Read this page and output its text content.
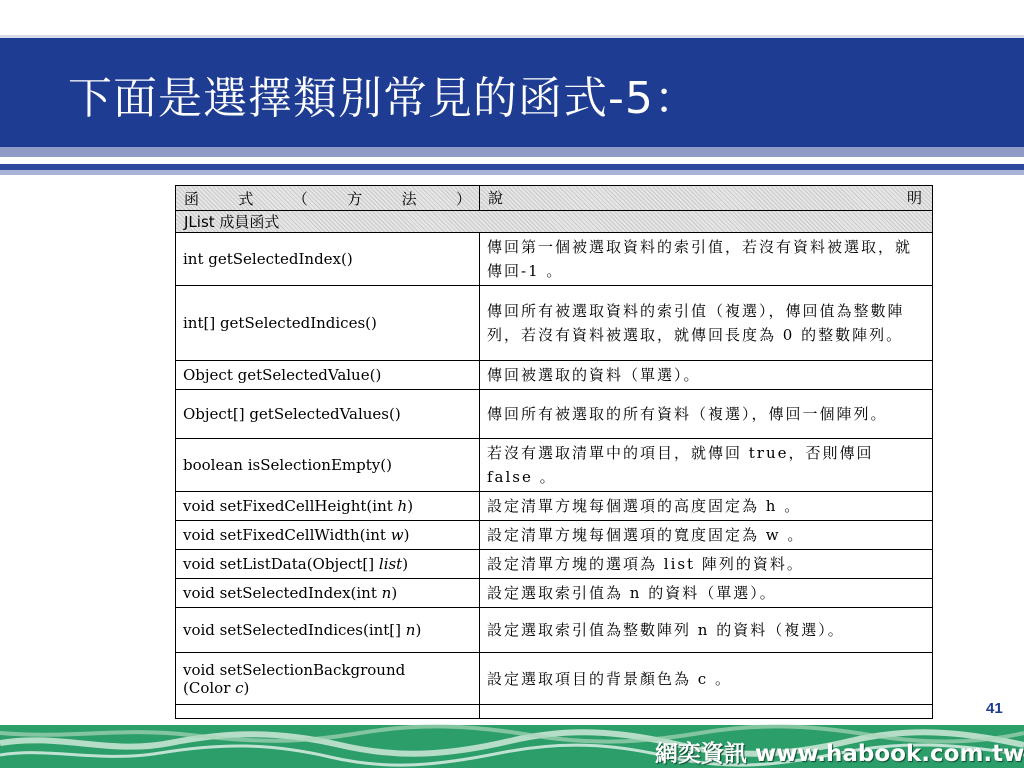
下面是選擇類別常見的函式-5：
函 式 （ 方 法 ）	說 明

JList 成員函式	
int getSelectedIndex()	傳回第一個被選取資料的索引值，若沒有資料被選取，就傳回-1 。
int[] getSelectedIndices()	傳回所有被選取資料的索引值（複選），傳回值為整數陣列，若沒有資料被選取，就傳回長度為 0 的整數陣列。
Object getSelectedValue()	傳回被選取的資料（單選）。
Object[] getSelectedValues()	傳回所有被選取的所有資料（複選），傳回一個陣列。
boolean isSelectionEmpty()	若沒有選取清單中的項目，就傳回 true，否則傳回 false 。
void setFixedCellHeight(int h)	設定清單方塊每個選項的高度固定為 h 。
void setFixedCellWidth(int w)	設定清單方塊每個選項的寬度固定為 w 。
void setListData(Object[] list)	設定清單方塊的選項為 list 陣列的資料。
void setSelectedIndex(int n)	設定選取索引值為 n 的資料（單選）。
void setSelectedIndices(int[] n)	設定選取索引值為整數陣列 n 的資料（複選）。
void setSelectionBackground
(Color c)	設定選取項目的背景顏色為 c 。

41
網奕資訊 www.habook.com.tw
